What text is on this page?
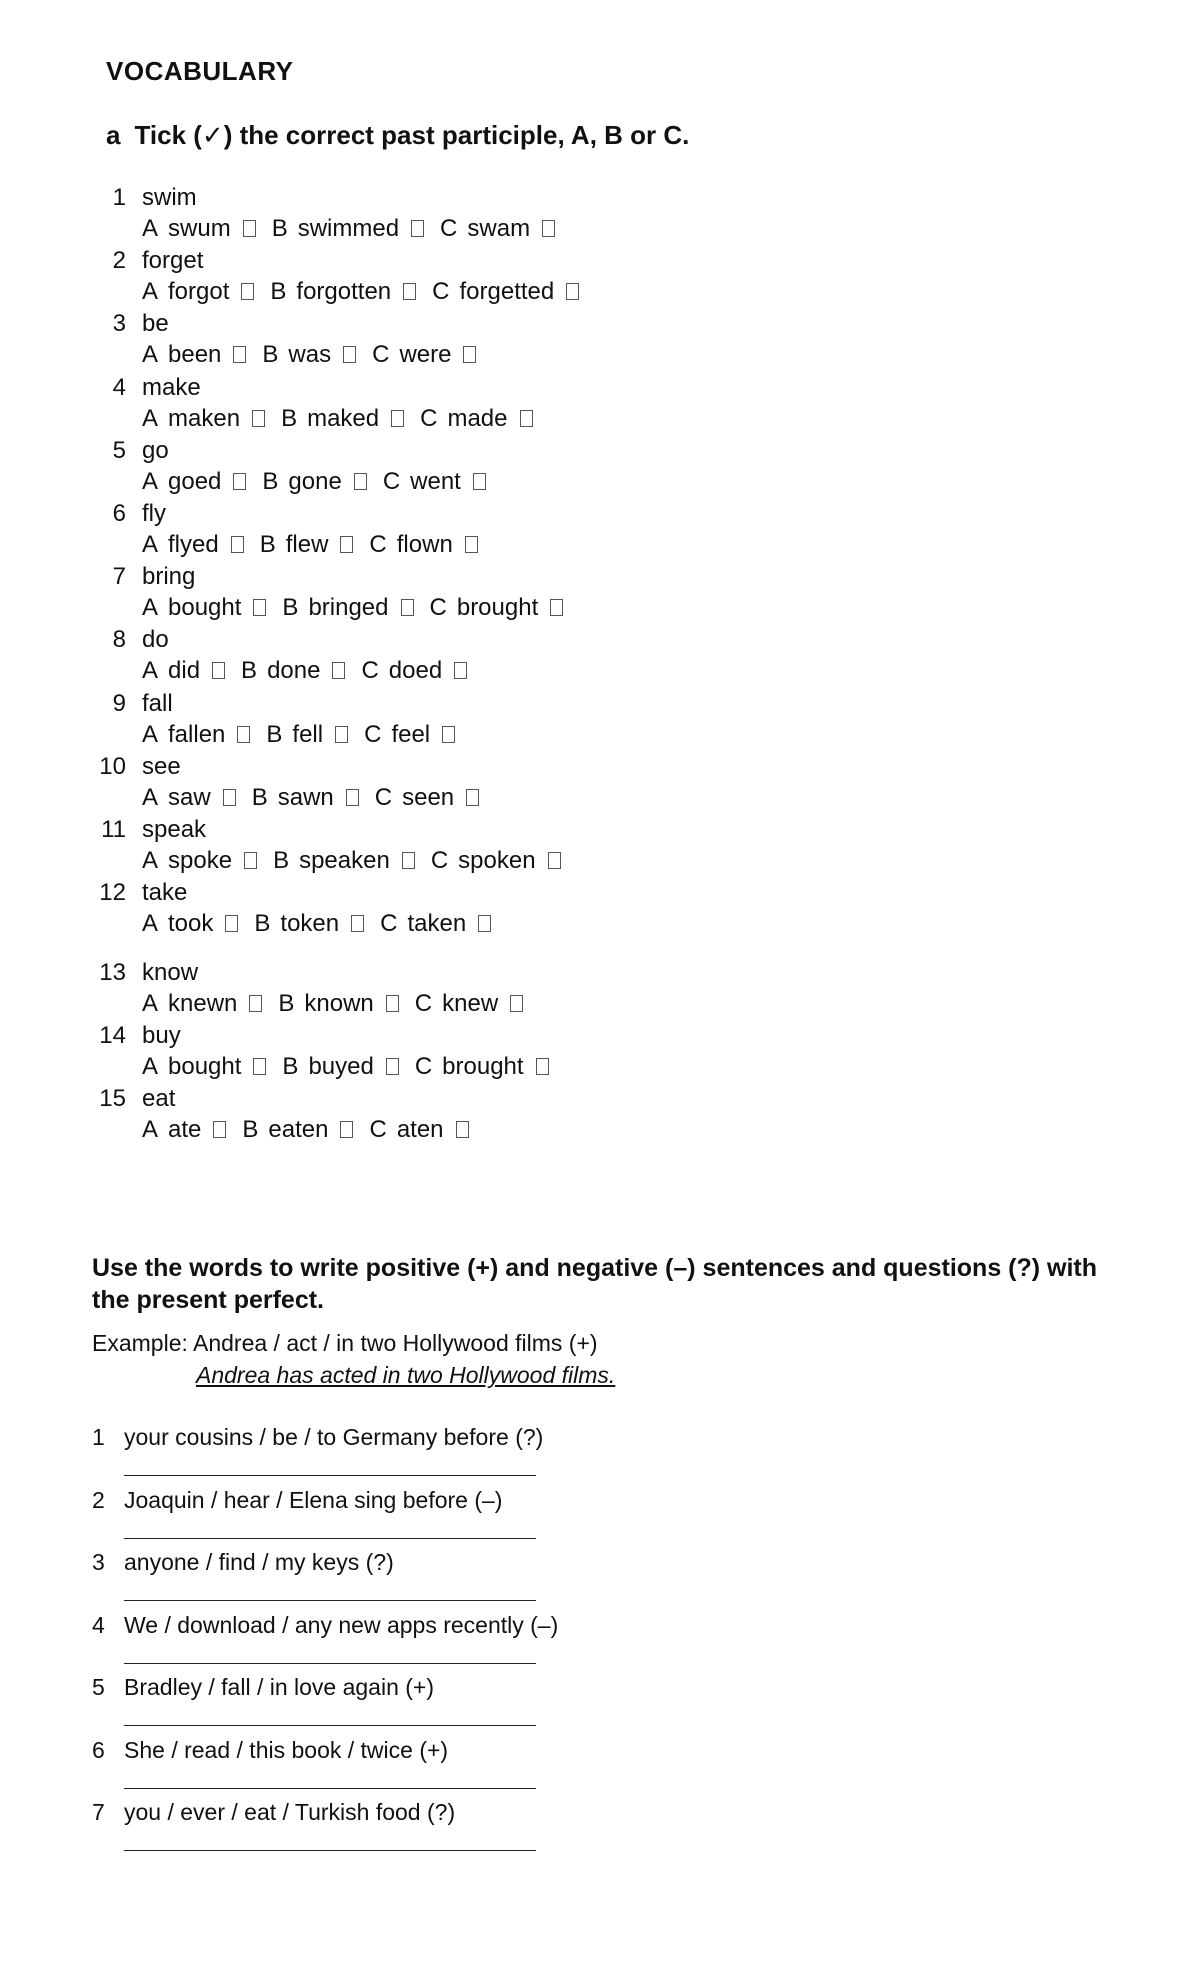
VOCABULARY
a Tick (✓) the correct past participle, A, B or C.
1 swim
A swum B swimmed C swam
2 forget
A forgot B forgotten C forgetted
3 be
A been B was C were
4 make
A maken B maked C made
5 go
A goed B gone C went
6 fly
A flyed B flew C flown
7 bring
A bought B bringed C brought
8 do
A did B done C doed
9 fall
A fallen B fell C feel
10 see
A saw B sawn C seen
11 speak
A spoke B speaken C spoken
12 take
A took B token C taken
13 know
A knewn B known C knew
14 buy
A bought B buyed C brought
15 eat
A ate B eaten C aten
Use the words to write positive (+) and negative (–) sentences and questions (?) with the present perfect.
Example: Andrea / act / in two Hollywood films (+)
Andrea has acted in two Hollywood films.
1 your cousins / be / to Germany before (?)
2 Joaquin / hear / Elena sing before (–)
3 anyone / find / my keys (?)
4 We / download / any new apps recently (–)
5 Bradley / fall / in love again (+)
6 She / read / this book / twice (+)
7 you / ever / eat / Turkish food (?)
